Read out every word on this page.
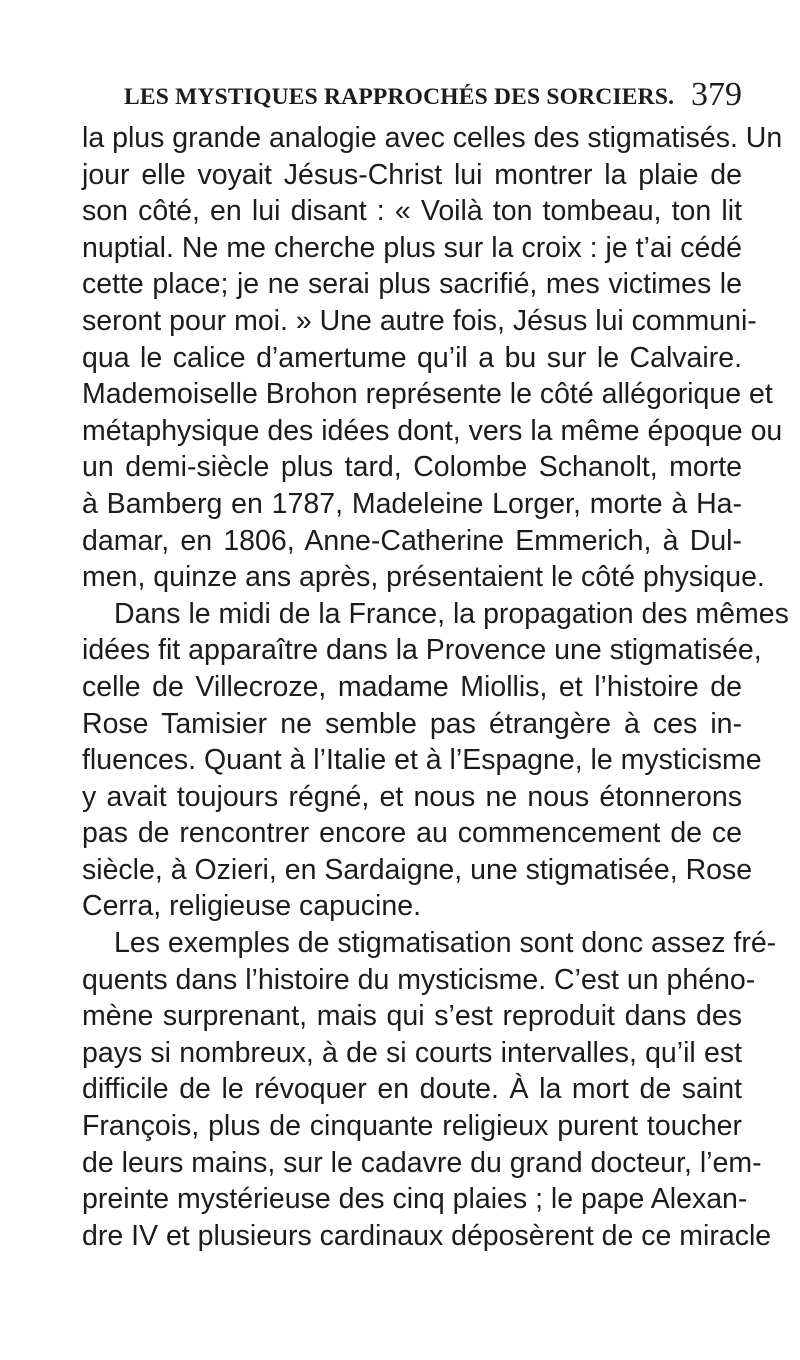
LES MYSTIQUES RAPPROCHÉS DES SORCIERS. 379
la plus grande analogie avec celles des stigmatisés. Un
jour elle voyait Jésus-Christ lui montrer la plaie de
son côté, en lui disant : « Voilà ton tombeau, ton lit
nuptial. Ne me cherche plus sur la croix : je t’ai cédé
cette place; je ne serai plus sacrifié, mes victimes le
seront pour moi. » Une autre fois, Jésus lui communi-
qua le calice d’amertume qu’il a bu sur le Calvaire.
Mademoiselle Brohon représente le côté allégorique et
métaphysique des idées dont, vers la même époque ou
un demi-siècle plus tard, Colombe Schanolt, morte
à Bamberg en 1787, Madeleine Lorger, morte à Ha-
damar, en 1806, Anne-Catherine Emmerich, à Dul-
men, quinze ans après, présentaient le côté physique.
Dans le midi de la France, la propagation des mêmes
idées fit apparaître dans la Provence une stigmatisée,
celle de Villecroze, madame Miollis, et l’histoire de
Rose Tamisier ne semble pas étrangère à ces in-
fluences. Quant à l’Italie et à l’Espagne, le mysticisme
y avait toujours régné, et nous ne nous étonnerons
pas de rencontrer encore au commencement de ce
siècle, à Ozieri, en Sardaigne, une stigmatisée, Rose
Cerra, religieuse capucine.
Les exemples de stigmatisation sont donc assez fré-
quents dans l’histoire du mysticisme. C’est un phéno-
mène surprenant, mais qui s’est reproduit dans des
pays si nombreux, à de si courts intervalles, qu’il est
difficile de le révoquer en doute. À la mort de saint
François, plus de cinquante religieux purent toucher
de leurs mains, sur le cadavre du grand docteur, l’em-
preinte mystérieuse des cinq plaies ; le pape Alexan-
dre IV et plusieurs cardinaux déposèrent de ce miracle
